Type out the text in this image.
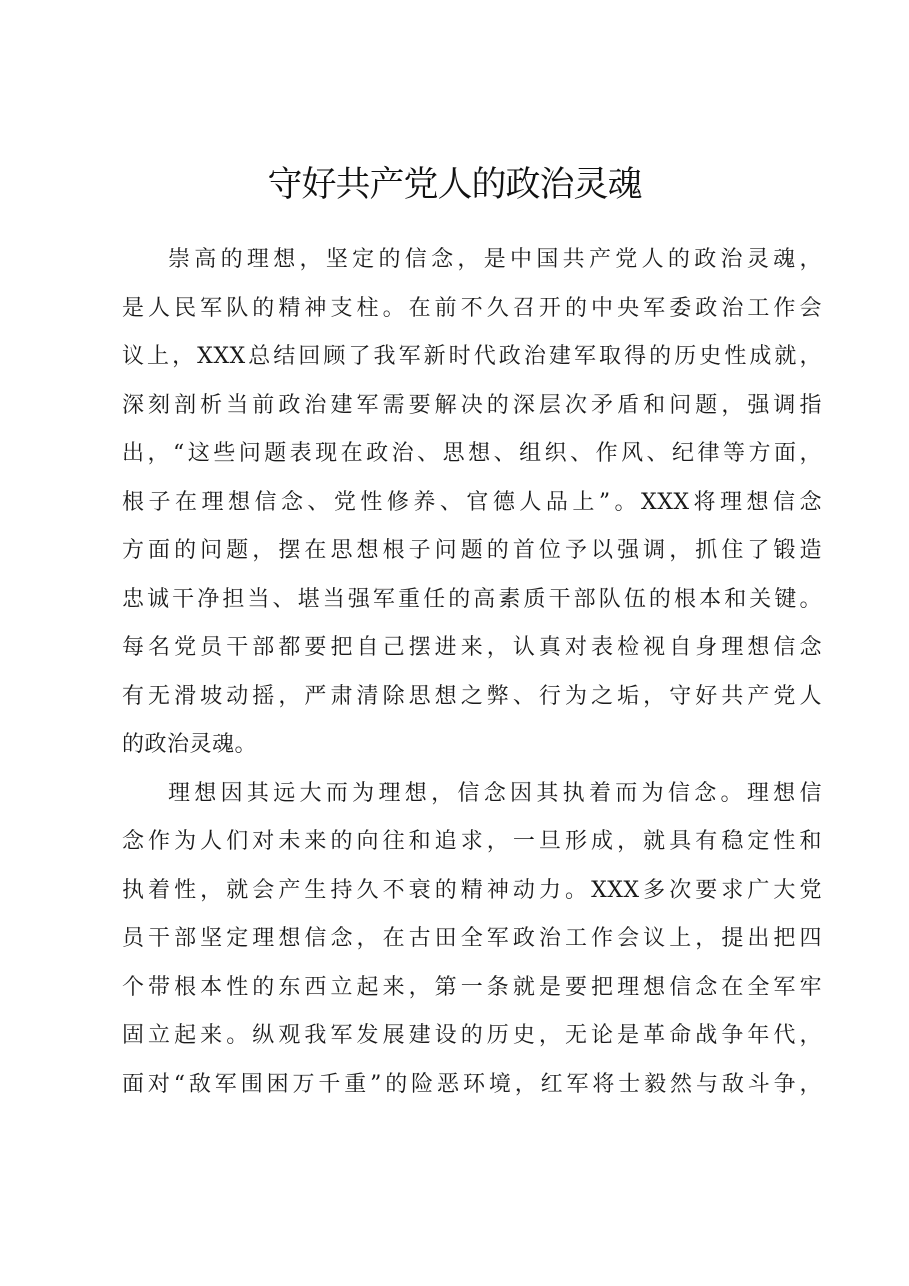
守好共产党人的政治灵魂
崇高的理想，坚定的信念，是中国共产党人的政治灵魂，
是人民军队的精神支柱。在前不久召开的中央军委政治工作会
议上，XXX总结回顾了我军新时代政治建军取得的历史性成就，
深刻剖析当前政治建军需要解决的深层次矛盾和问题，强调指
出，“这些问题表现在政治、思想、组织、作风、纪律等方面，
根子在理想信念、党性修养、官德人品上”。XXX将理想信念
方面的问题，摆在思想根子问题的首位予以强调，抓住了锻造
忠诚干净担当、堪当强军重任的高素质干部队伍的根本和关键。
每名党员干部都要把自己摆进来，认真对表检视自身理想信念
有无滑坡动摇，严肃清除思想之弊、行为之垢，守好共产党人
的政治灵魂。
理想因其远大而为理想，信念因其执着而为信念。理想信
念作为人们对未来的向往和追求，一旦形成，就具有稳定性和
执着性，就会产生持久不衰的精神动力。XXX多次要求广大党
员干部坚定理想信念，在古田全军政治工作会议上，提出把四
个带根本性的东西立起来，第一条就是要把理想信念在全军牢
固立起来。纵观我军发展建设的历史，无论是革命战争年代，
面对“敌军围困万千重”的险恶环境，红军将士毅然与敌斗争，
